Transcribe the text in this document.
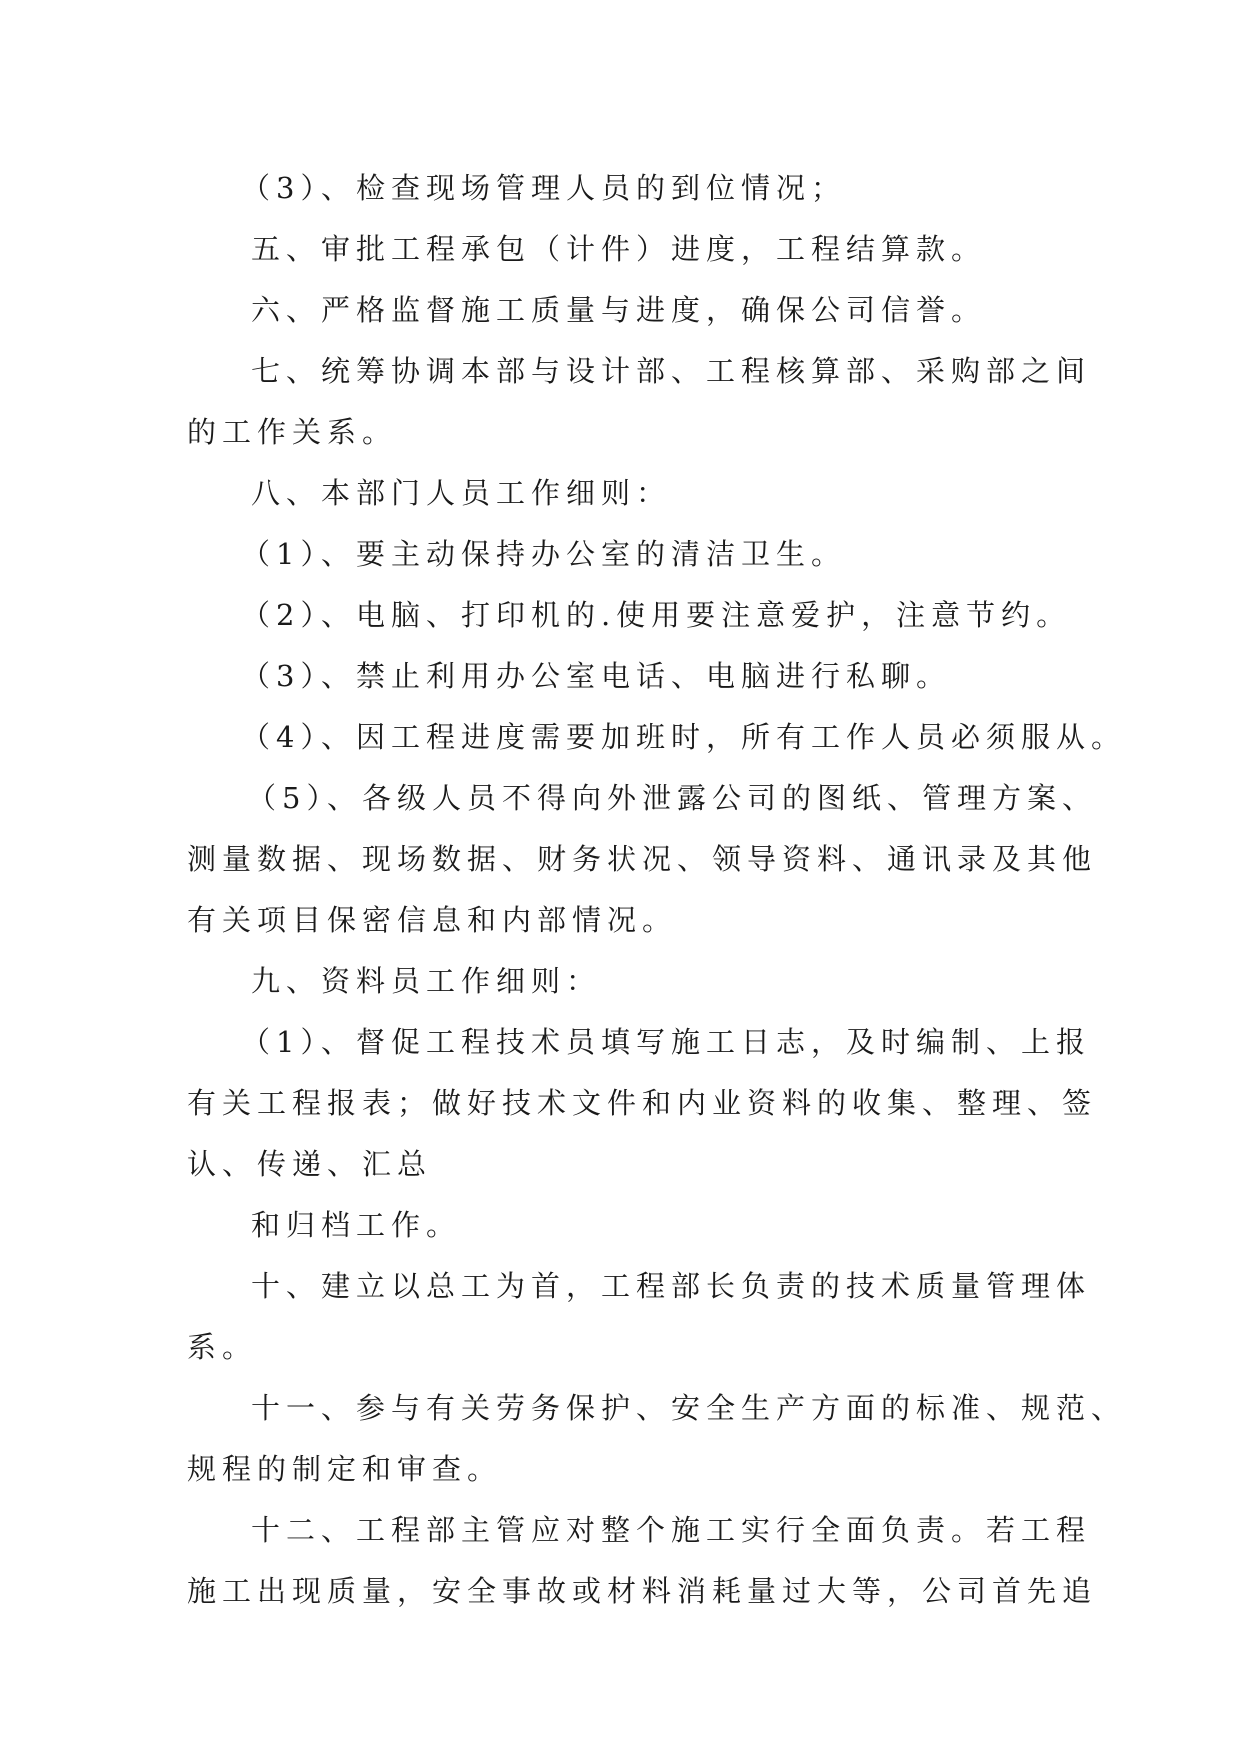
（3）、检查现场管理人员的到位情况；
五、审批工程承包（计件）进度，工程结算款。
六、严格监督施工质量与进度，确保公司信誉。
七、统筹协调本部与设计部、工程核算部、采购部之间
的工作关系。
八、本部门人员工作细则：
（1）、要主动保持办公室的清洁卫生。
（2）、电脑、打印机的.使用要注意爱护，注意节约。
（3）、禁止利用办公室电话、电脑进行私聊。
（4）、因工程进度需要加班时，所有工作人员必须服从。
（5）、各级人员不得向外泄露公司的图纸、管理方案、
测量数据、现场数据、财务状况、领导资料、通讯录及其他
有关项目保密信息和内部情况。
九、资料员工作细则：
（1）、督促工程技术员填写施工日志，及时编制、上报
有关工程报表；做好技术文件和内业资料的收集、整理、签
认、传递、汇总
和归档工作。
十、建立以总工为首，工程部长负责的技术质量管理体
系。
十一、参与有关劳务保护、安全生产方面的标准、规范、
规程的制定和审查。
十二、工程部主管应对整个施工实行全面负责。若工程
施工出现质量，安全事故或材料消耗量过大等，公司首先追
